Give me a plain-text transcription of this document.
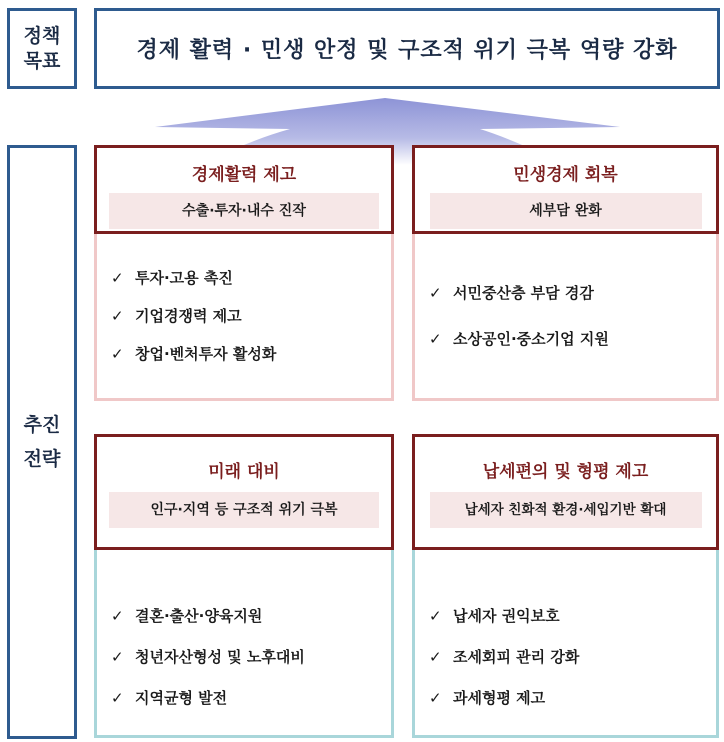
정책
목표	경제 활력 · 민생 안정 및 구조적 위기 극복 역량 강화
추진
전략
경제활력 제고
수출·투자·내수 진작
✓ 투자·고용 촉진
✓ 기업경쟁력 제고
✓ 창업·벤처투자 활성화
민생경제 회복
세부담 완화
✓ 서민중산층 부담 경감
✓ 소상공인·중소기업 지원
미래 대비
인구·지역 등 구조적 위기 극복
✓ 결혼·출산·양육지원
✓ 청년자산형성 및 노후대비
✓ 지역균형 발전
납세편의 및 형평 제고
납세자 친화적 환경·세입기반 확대
✓ 납세자 권익보호
✓ 조세회피 관리 강화
✓ 과세형평 제고
